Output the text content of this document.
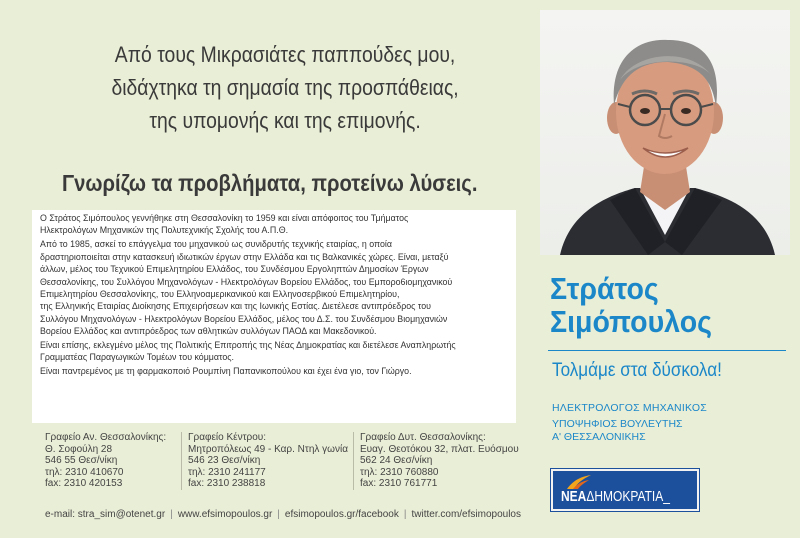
Από τους Μικρασιάτες παππούδες μου,
διδάχτηκα τη σημασία της προσπάθειας,
της υπομονής και της επιμονής.
Γνωρίζω τα προβλήματα, προτείνω λύσεις.

Ο Στράτος Σιμόπουλος γεννήθηκε στη Θεσσαλονίκη το 1959 και είναι απόφοιτος του Τμήματος
Ηλεκτρολόγων Μηχανικών της Πολυτεχνικής Σχολής του Α.Π.Θ.

Από το 1985, ασκεί το επάγγελμα του μηχανικού ως συνιδρυτής τεχνικής εταιρίας, η οποία
δραστηριοποιείται στην κατασκευή ιδιωτικών έργων στην Ελλάδα και τις Βαλκανικές χώρες. Είναι, μεταξύ
άλλων, μέλος του Τεχνικού Επιμελητηρίου Ελλάδος, του Συνδέσμου Εργοληπτών Δημοσίων Έργων
Θεσσαλονίκης, του Συλλόγου Μηχανολόγων - Ηλεκτρολόγων Βορείου Ελλάδος, του Εμπορο6ιομηχανικού
Επιμελητηρίου Θεσσαλονίκης, του Ελληνοαμερικανικού και Ελληνοσερβικού Επιμελητηρίου,
της Ελληνικής Εταιρίας Διοίκησης Επιχειρήσεων και της Ιωνικής Εστίας. Διετέλεσε αντιπρόεδρος του
Συλλόγου Μηχανολόγων - Ηλεκτρολόγων Βορείου Ελλάδος, μέλος του Δ.Σ. του Συνδέσμου Βιομηχανιών
Βορείου Ελλάδος και αντιπρόεδρος των αθλητικών συλλόγων ΠΑΟΔ και Μακεδονικού.

Είναι επίσης, εκλεγμένο μέλος της Πολιτικής Επιτροπής της Νέας Δημοκρατίας και διετέλεσε Αναπληρωτής
Γραμματέας Παραγωγικών Τομέων του κόμματος.

Είναι παντρεμένος με τη φαρμακοποιό Ρουμπίνη Παπανικοπούλου και έχει ένα γιο, τον Γιώργο.

Γραφείο Αν. Θεσσαλονίκης:
Θ. Σοφούλη 28
546 55 Θεσ/νίκη
τηλ: 2310 410670
fax: 2310 420153
Γραφείο Κέντρου:
Μητροπόλεως 49 - Καρ. Ντηλ γωνία
546 23 Θεσ/νίκη
τηλ: 2310 241177
fax: 2310 238818
Γραφείο Δυτ. Θεσσαλονίκης:
Ευαγ. Θεοτόκου 32, πλατ. Ευόσμου
562 24 Θεσ/νίκη
τηλ: 2310 760880
fax: 2310 761771
e-mail: stra_sim@otenet.gr | www.efsimopoulos.gr | efsimopoulos.gr/facebook | twitter.com/efsimopoulos
Στράτος
Σιμόπουλος
Τολμάμε στα δύσκολα!
ΗΛΕΚΤΡΟΛΟΓΟΣ ΜΗΧΑΝΙΚΟΣ
ΥΠΟΨΗΦΙΟΣ ΒΟΥΛΕΥΤΗΣ
Α' ΘΕΣΣΑΛΟΝΙΚΗΣ
ΝΕΑΔΗΜΟΚΡΑΤΙΑ_
